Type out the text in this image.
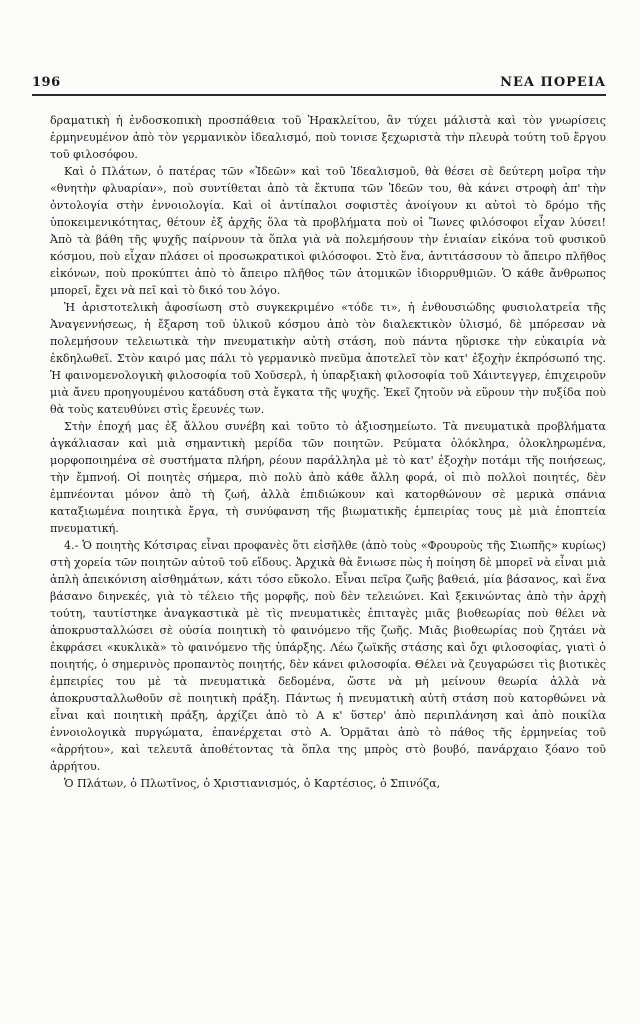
196	ΝΕΑ ΠΟΡΕΙΑ

δραματικὴ ἡ ἐνδοσκοπικὴ προσπάθεια τοῦ Ἡρακλείτου, ἂν τύχει μάλιστὰ καὶ τὸν γνωρίσεις ἑρμηνευμένον ἀπὸ τὸν γερμανικὸν ἰδεαλισμό, ποὺ τονισε ξεχωριστὰ τὴν πλευρὰ τούτη τοῦ ἔργου τοῦ φιλοσόφου.

Καὶ ὁ Πλάτων, ὁ πατέρας τῶν «Ἰδεῶν» καὶ τοῦ Ἰδεαλισμοῦ, θὰ θέσει σὲ δεύτερη μοῖρα τὴν «θνητὴν φλυαρίαν», ποὺ συντίθεται ἀπὸ τὰ ἔκτυπα τῶν Ἰδεῶν του, θὰ κάνει στροφὴ ἀπ' τὴν ὀντολογία στὴν ἐννοιολογία. Καὶ οἱ ἀντίπαλοι σοφιστὲς ἀνοίγουν κι αὐτοὶ τὸ δρόμο τῆς ὑποκειμενικότητας, θέτουν ἐξ ἀρχῆς ὅλα τὰ προβλήματα ποὺ οἱ Ἴωνες φιλόσοφοι εἶχαν λύσει! Ἀπὸ τὰ βάθη τῆς ψυχῆς παίρνουν τὰ ὅπλα γιὰ νὰ πολεμήσουν τὴν ἑνιαίαν εἰκόνα τοῦ φυσικοῦ κόσμου, ποὺ εἶχαν πλάσει οἱ προσωκρατικοὶ φιλόσοφοι. Στὸ ἕνα, ἀντιτάσσουν τὸ ἄπειρο πλῆθος εἰκόνων, ποὺ προκύπτει ἀπὸ τὸ ἄπειρο πλῆθος τῶν ἀτομικῶν ἰδιορρυθμιῶν. Ὁ κάθε ἄνθρωπος μπορεῖ, ἔχει νὰ πεῖ καὶ τὸ δικό του λόγο.

Ἡ ἀριστοτελικὴ ἀφοσίωση στὸ συγκεκριμένο «τόδε τι», ἡ ἐνθουσιώδης φυσιολατρεία τῆς Ἀναγεννήσεως, ἡ ἔξαρση τοῦ ὑλικοῦ κόσμου ἀπὸ τὸν διαλεκτικὸν ὑλισμό, δὲ μπόρεσαν νὰ πολεμήσουν τελειωτικὰ τὴν πνευματικὴν αὐτὴ στάση, ποὺ πάντα ηὕρισκε τὴν εὐκαιρία νὰ ἐκδηλωθεῖ. Στὸν καιρό μας πάλι τὸ γερμανικὸ πνεῦμα ἀποτελεῖ τὸν κατ' ἐξοχὴν ἐκπρόσωπό της. Ἡ φαινομενολογικὴ φιλοσοφία τοῦ Χοῦσερλ, ἡ ὑπαρξιακὴ φιλοσοφία τοῦ Χάιντεγγερ, ἐπιχειροῦν μιὰ ἄνευ προηγουμένου κατάδυση στὰ ἔγκατα τῆς ψυχῆς. Ἐκεῖ ζητοῦν νὰ εὕρουν τὴν πυξίδα ποὺ θὰ τοὺς κατευθύνει στὶς ἔρευνές των.

Στὴν ἐποχή μας ἐξ ἄλλου συνέβη καὶ τοῦτο τὸ ἀξιοσημείωτο. Τὰ πνευματικὰ προβλήματα ἀγκάλιασαν καὶ μιὰ σημαντικὴ μερίδα τῶν ποιητῶν. Ρεύματα ὁλόκληρα, ὁλοκληρωμένα, μορφοποιημένα σὲ συστήματα πλήρη, ρέουν παράλληλα μὲ τὸ κατ' ἐξοχὴν ποτάμι τῆς ποιήσεως, τὴν ἔμπνοή. Οἱ ποιητὲς σήμερα, πιὸ πολὺ ἀπὸ κάθε ἄλλη φορά, οἱ πιὸ πολλοὶ ποιητές, δὲν ἐμπνέονται μόνον ἀπὸ τὴ ζωή, ἀλλὰ ἐπιδιώκουν καὶ κατορθώνουν σὲ μερικὰ σπάνια καταξιωμένα ποιητικὰ ἔργα, τὴ συνύφανση τῆς βιωματικῆς ἐμπειρίας τους μὲ μιὰ ἐποπτεία πνευματική.

4.- Ὁ ποιητὴς Κότσιρας εἶναι προφανὲς ὅτι εἰσῆλθε (ἀπὸ τοὺς «Φρουροὺς τῆς Σιωπῆς» κυρίως) στὴ χορεία τῶν ποιητῶν αὐτοῦ τοῦ εἴδους. Ἀρχικὰ θὰ ἔνιωσε πὼς ἡ ποίηση δὲ μπορεῖ νὰ εἶναι μιὰ ἁπλὴ ἀπεικόνιση αἰσθημάτων, κάτι τόσο εὔκολο. Εἶναι πεῖρα ζωῆς βαθειά, μία βάσανος, καὶ ἕνα βάσανο διηνεκές, γιὰ τὸ τέλειο τῆς μορφῆς, ποὺ δὲν τελειώνει. Καὶ ξεκινώντας ἀπὸ τὴν ἀρχὴ τούτη, ταυτίστηκε ἀναγκαστικὰ μὲ τὶς πνευματικὲς ἐπιταγὲς μιᾶς βιοθεωρίας ποὺ θέλει νὰ ἀποκρυσταλλώσει σὲ οὐσία ποιητικὴ τὸ φαινόμενο τῆς ζωῆς. Μιᾶς βιοθεωρίας ποὺ ζητάει νὰ ἐκφράσει «κυκλικὰ» τὸ φαινόμενο τῆς ὑπάρξης. Λέω ζωϊκῆς στάσης καὶ ὄχι φιλοσοφίας, γιατὶ ὁ ποιητής, ὁ σημερινὸς προπαντὸς ποιητής, δὲν κάνει φιλοσοφία. Θέλει νὰ ζευγαρώσει τὶς βιοτικὲς ἐμπειρίες του μὲ τὰ πνευματικὰ δεδομένα, ὥστε νὰ μὴ μείνουν θεωρία ἀλλὰ νὰ ἀποκρυσταλλωθοῦν σὲ ποιητικὴ πράξη. Πάντως ἡ πνευματικὴ αὐτὴ στάση ποὺ κατορθώνει νὰ εἶναι καὶ ποιητικὴ πράξη, ἀρχίζει ἀπὸ τὸ Α κ' ὕστερ' ἀπὸ περιπλάνηση καὶ ἀπὸ ποικίλα ἐννοιολογικὰ πυργώματα, ἐπανέρχεται στὸ Α. Ὁρμᾶται ἀπὸ τὸ πάθος τῆς ἑρμηνείας τοῦ «ἀρρήτου», καὶ τελευτᾶ ἀποθέτοντας τὰ ὅπλα της μπρὸς στὸ βουβό, πανάρχαιο ξόανο τοῦ ἀρρήτου.

Ὁ Πλάτων, ὁ Πλωτῖνος, ὁ Χριστιανισμός, ὁ Καρτέσιος, ὁ Σπινόζα,
